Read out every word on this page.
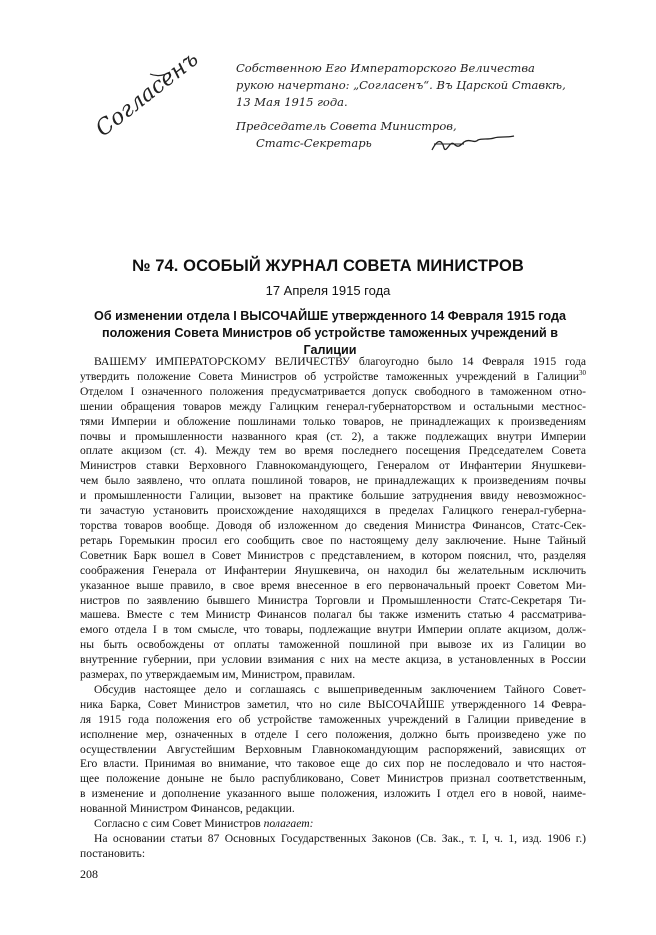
Согласенъ	Собственною Его Императорского Величества
рукою начертано: „Согласенъ“. Въ Царской Ставкѣ,
13 Мая 1915 года.
Председатель Совета Министров,
Статс-Секретарь
№ 74. ОСОБЫЙ ЖУРНАЛ СОВЕТА МИНИСТРОВ
17 Апреля 1915 года
Об изменении отдела I ВЫСОЧАЙШЕ утвержденного 14 Февраля 1915 года
положения Совета Министров об устройстве таможенных учреждений в Галиции
ВАШЕМУ ИМПЕРАТОРСКОМУ ВЕЛИЧЕСТВУ благоугодно было 14 Февраля 1915 года
утвердить положение Совета Министров об устройстве таможенных учреждений в Галиции$^{30}$
Отделом I означенного положения предусматривается допуск свободного в таможенном отно-
шении обращения товаров между Галицким генерал-губернаторством и остальными местнос-
тями Империи и обложение пошлинами только товаров, не принадлежащих к произведениям
почвы и промышленности названного края (ст. 2), а также подлежащих внутри Империи
оплате акцизом (ст. 4). Между тем во время последнего посещения Председателем Совета
Министров ставки Верховного Главнокомандующего, Генералом от Инфантерии Янушкеви-
чем было заявлено, что оплата пошлиной товаров, не принадлежащих к произведениям почвы
и промышленности Галиции, вызовет на практике большие затруднения ввиду невозможнос-
ти зачастую установить происхождение находящихся в пределах Галицкого генерал-губерна-
торства товаров вообще. Доводя об изложенном до сведения Министра Финансов, Статс-Сек-
ретарь Горемыкин просил его сообщить свое по настоящему делу заключение. Ныне Тайный
Советник Барк вошел в Совет Министров с представлением, в котором пояснил, что, разделяя
соображения Генерала от Инфантерии Янушкевича, он находил бы желательным исключить
указанное выше правило, в свое время внесенное в его первоначальный проект Советом Ми-
нистров по заявлению бывшего Министра Торговли и Промышленности Статс-Секретаря Ти-
машева. Вместе с тем Министр Финансов полагал бы также изменить статью 4 рассматрива-
емого отдела I в том смысле, что товары, подлежащие внутри Империи оплате акцизом, долж-
ны быть освобождены от оплаты таможенной пошлиной при вывозе их из Галиции во
внутренние губернии, при условии взимания с них на месте акциза, в установленных в России
размерах, по утверждаемым им, Министром, правилам.
Обсудив настоящее дело и соглашаясь с вышеприведенным заключением Тайного Совет-
ника Барка, Совет Министров заметил, что но силе ВЫСОЧАЙШЕ утвержденного 14 Февра-
ля 1915 года положения его об устройстве таможенных учреждений в Галиции приведение в
исполнение мер, означенных в отделе I сего положения, должно быть произведено уже по
осуществлении Августейшим Верховным Главнокомандующим распоряжений, зависящих от
Его власти. Принимая во внимание, что таковое еще до сих пор не последовало и что настоя-
щее положение доныне не было распубликовано, Совет Министров признал соответственным,
в изменение и дополнение указанного выше положения, изложить I отдел его в новой, наиме-
нованной Министром Финансов, редакции.
Согласно с сим Совет Министров полагает:
На основании статьи 87 Основных Государственных Законов (Св. Зак., т. I, ч. 1, изд. 1906 г.)
постановить:
208
